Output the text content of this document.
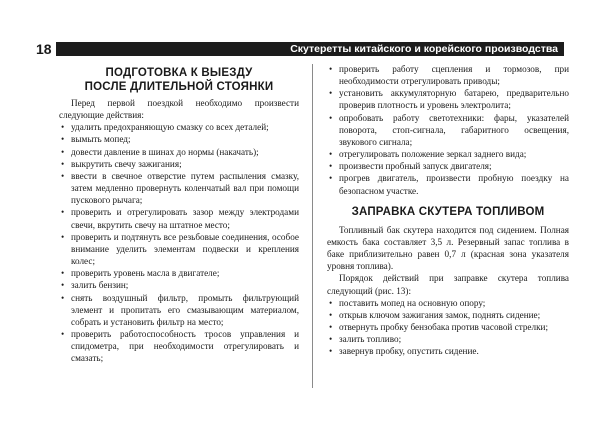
18	Скутеретты китайского и корейского производства
ПОДГОТОВКА К ВЫЕЗДУ
ПОСЛЕ ДЛИТЕЛЬНОЙ СТОЯНКИ

Перед первой поездкой необходимо произвести следующие действия:

• удалить предохраняющую смазку со всех деталей;
• вымыть мопед;
• довести давление в шинах до нормы (накачать);
• выкрутить свечу зажигания;
• ввести в свечное отверстие путем распыления смазку, затем медленно провернуть коленчатый вал при помощи пускового рычага;
• проверить и отрегулировать зазор между электродами свечи, вкрутить свечу на штатное место;
• проверить и подтянуть все резьбовые соединения, особое внимание уделить элементам подвески и крепления колес;
• проверить уровень масла в двигателе;
• залить бензин;
• снять воздушный фильтр, промыть фильтрующий элемент и пропитать его смазывающим материалом, собрать и установить фильтр на место;
• проверить работоспособность тросов управления и спидометра, при необходимости отрегулировать и смазать;
• проверить работу сцепления и тормозов, при необходимости отрегулировать приводы;
• установить аккумуляторную батарею, предварительно проверив плотность и уровень электролита;
• опробовать работу светотехники: фары, указателей поворота, стоп-сигнала, габаритного освещения, звукового сигнала;
• отрегулировать положение зеркал заднего вида;
• произвести пробный запуск двигателя;
• прогрев двигатель, произвести пробную поездку на безопасном участке.
ЗАПРАВКА СКУТЕРА ТОПЛИВОМ

Топливный бак скутера находится под сидением. Полная емкость бака составляет 3,5 л. Резервный запас топлива в баке приблизительно равен 0,7 л (красная зона указателя уровня топлива).

Порядок действий при заправке скутера топлива следующий (рис. 13):

• поставить мопед на основную опору;
• открыв ключом зажигания замок, поднять сидение;
• отвернуть пробку бензобака против часовой стрелки;
• залить топливо;
• завернув пробку, опустить сидение.
